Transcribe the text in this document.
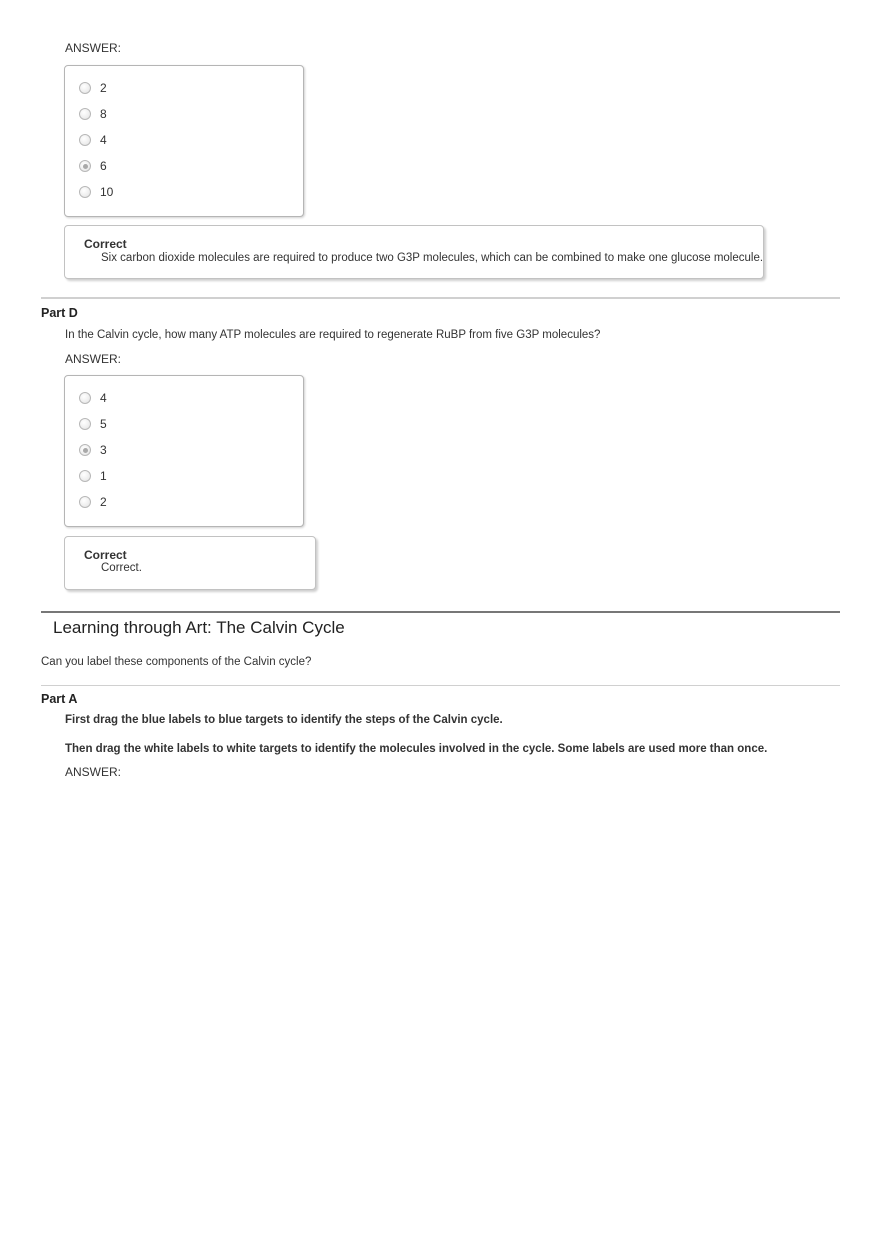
ANSWER:
2
8
4
6
10
Correct
Six carbon dioxide molecules are required to produce two G3P molecules, which can be combined to make one glucose molecule.
Part D
In the Calvin cycle, how many ATP molecules are required to regenerate RuBP from five G3P molecules?
ANSWER:
4
5
3
1
2
Correct
Correct.
Learning through Art: The Calvin Cycle
Can you label these components of the Calvin cycle?
Part A
First drag the blue labels to blue targets to identify the steps of the Calvin cycle.
Then drag the white labels to white targets to identify the molecules involved in the cycle. Some labels are used more than once.
ANSWER:
